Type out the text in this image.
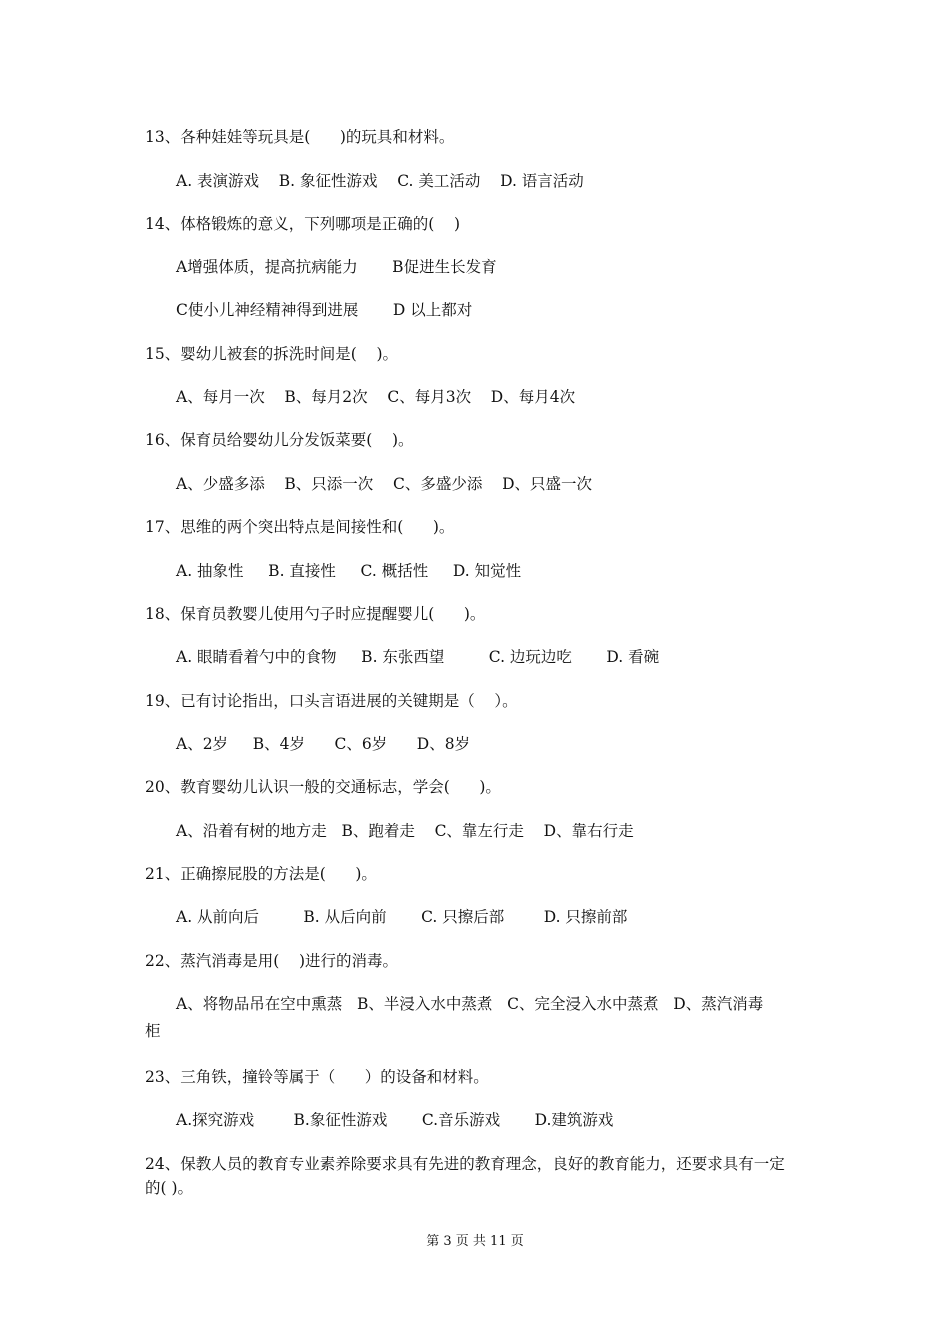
13、各种娃娃等玩具是(      )的玩具和材料。
A. 表演游戏    B. 象征性游戏    C. 美工活动    D. 语言活动
14、体格锻炼的意义，下列哪项是正确的(    )
A增强体质，提高抗病能力       B促进生长发育
C使小儿神经精神得到进展       D 以上都对
15、婴幼儿被套的拆洗时间是(    )。
A、每月一次    B、每月2次    C、每月3次    D、每月4次
16、保育员给婴幼儿分发饭菜要(    )。
A、少盛多添    B、只添一次    C、多盛少添    D、只盛一次
17、思维的两个突出特点是间接性和(      )。
A. 抽象性     B. 直接性     C. 概括性     D. 知觉性
18、保育员教婴儿使用勺子时应提醒婴儿(      )。
A. 眼睛看着勺中的食物     B. 东张西望         C. 边玩边吃       D. 看碗
19、已有讨论指出，口头言语进展的关键期是（    ）。
A、2岁     B、4岁      C、6岁      D、8岁
20、教育婴幼儿认识一般的交通标志，学会(      )。
A、沿着有树的地方走   B、跑着走    C、靠左行走    D、靠右行走
21、正确擦屁股的方法是(      )。
A. 从前向后         B. 从后向前       C. 只擦后部        D. 只擦前部
22、蒸汽消毒是用(    )进行的消毒。
A、将物品吊在空中熏蒸   B、半浸入水中蒸煮   C、完全浸入水中蒸煮   D、蒸汽消毒
柜
23、三角铁，撞铃等属于（      ）的设备和材料。
A.探究游戏        B.象征性游戏       C.音乐游戏       D.建筑游戏
24、保教人员的教育专业素养除要求具有先进的教育理念，良好的教育能力，还要求具有一定的( )。
第 3 页 共 11 页
